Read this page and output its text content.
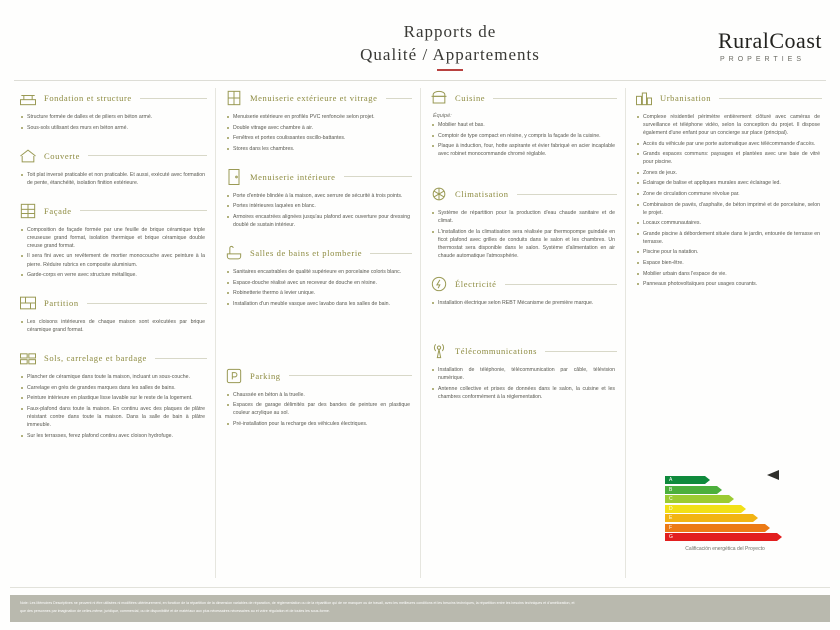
Rapports de
Qualité / Appartements
RuralCoast
PROPERTIES
Fondation et structure
Structure formée de dalles et de piliers en béton armé.
Sous-sols utilisant des murs en béton armé.
Couverte
Toit plat inversé praticable et non praticable. Et aussi, exécuté avec formation de pente, étanchéité, isolation finition extérieure.
Façade
Composition de façade formée par une feuille de brique céramique triple creuseuse grand format, isolation thermique et brique céramique double creuse grand format.
Il sera fini avec un revêtement de mortier monocouche avec peinture à la pierre. Réduire rubrics en composite aluminium.
Garde-corps en verre avec structure métallique.
Partition
Les cloisons intérieures de chaque maison sont exécutées par brique céramique grand format.
Sols, carrelage et bardage
Plancher de céramique dans toute la maison, incluant un sous-couche.
Carrelage en grès de grandes marques dans les salles de bains.
Peinture intérieure en plastique lisse lavable sur le reste de la logement.
Faux-plafond dans toute la maison. En continu avec des plaques de plâtre résistant contre dans toute la maison. Dans la salle de bain à plâtre immeuble.
Sur les terrasses, ferez plafond continu avec cloison hydrofuge.
Menuiserie extérieure et vitrage
Menuiserie extérieure en profilés PVC renfoncée selon projet.
Double vitrage avec chambre à air.
Fenêtres et portes coulissantes oscillo-battantes.
Stores dans les chambres.
Menuiserie intérieure
Porte d'entrée blindée à la maison, avec serrure de sécurité à trois points.
Portes intérieures laquées en blanc.
Armoires encastrées alignées jusqu'au plafond avec ouverture pour dressing doublé de sustain intérieur.
Salles de bains et plomberie
Sanitaires encastrables de qualité supérieure en porcelaine coloris blanc.
Espace-douche réalisé avec un receveur de douche en résine.
Robinetterie thermo à levier unique.
Installation d'un meuble vasque avec lavabo dans les salles de bain.
Parking
Chaussée en béton à la truelle.
Espaces de garage délimités par des bandes de peinture en plastique couleur acrylique au sol.
Pré-installation pour la recharge des véhicules électriques.
Cuisine
Équipé:
Mobilier haut et bas.
Comptoir de type compact en résine, y compris la façade de la cuisine.
Plaque à induction, four, hotte aspirante et évier fabriqué en acier incaplable avec robinet monocommande chromé réglable.
Climatisation
Système de répartition pour la production d'eau chaude sanitaire et de climat.
L'installation de la climatisation sera réalisée par thermopompe guindale en ficot plafond avec grilles de conduits dans le salon et les chambres. Un thermostat sera disponible dans le salon. Système d'alimentation en air chaude automatique l'atmosphérie.
Électricité
Installation électrique selon REBT Mécanisme de première marque.
Télécommunications
Installation de téléphonie, télécommunication par câble, télévision numérique.
Antenne collective et prises de données dans le salon, la cuisine et les chambres conformément à la réglementation.
Urbanisation
Complexe résidentiel périmètre entièrement clôturé avec caméras de surveillance et téléphone vidéo, selon la conception du projet. Il dispose également d'une enfant pour un concierge sur place (principal).
Accès du véhicule par une porte automatique avec télécommande d'accès.
Grands espaces communs: paysages et plantées avec une baie de vitré pour piscine.
Zones de jeux.
Éclairage de balise et appliques murales avec éclairage led.
Zone de circulation commune révolue par.
Combinaison de pavés, d'asphalte, de béton imprimé et de porcelaine, selon le projet.
Locaux communautaires.
Grande piscine à débordement située dans le jardin, entourée de terrasse en terrasse.
Piscine pour la natation.
Espace bien-être.
Mobilier urbain dans l'espace de vie.
Panneaux photovoltaïques pour usages courants.
A
B
C
D
E
F
G
Calificación energética del Proyecto

Note: Les Mémoires Descriptives ne peuvent ni être utilisées ni modifiées ultérieurement, en fonction de la répartition de la dimension variables de réparation, de réglementation ou de la répartition qui de ne manquer ou de travail, avec les meilleures conditions et les besoins techniques, la répartition entre les besoins techniques et d'amélioration, et

que des personnes par imagination de celles-même, juridique, commercial, ou de disponibilité et de matériaux aux plus nécessaires nécessaires au et votre régulation et de toutes les sous-forme.
